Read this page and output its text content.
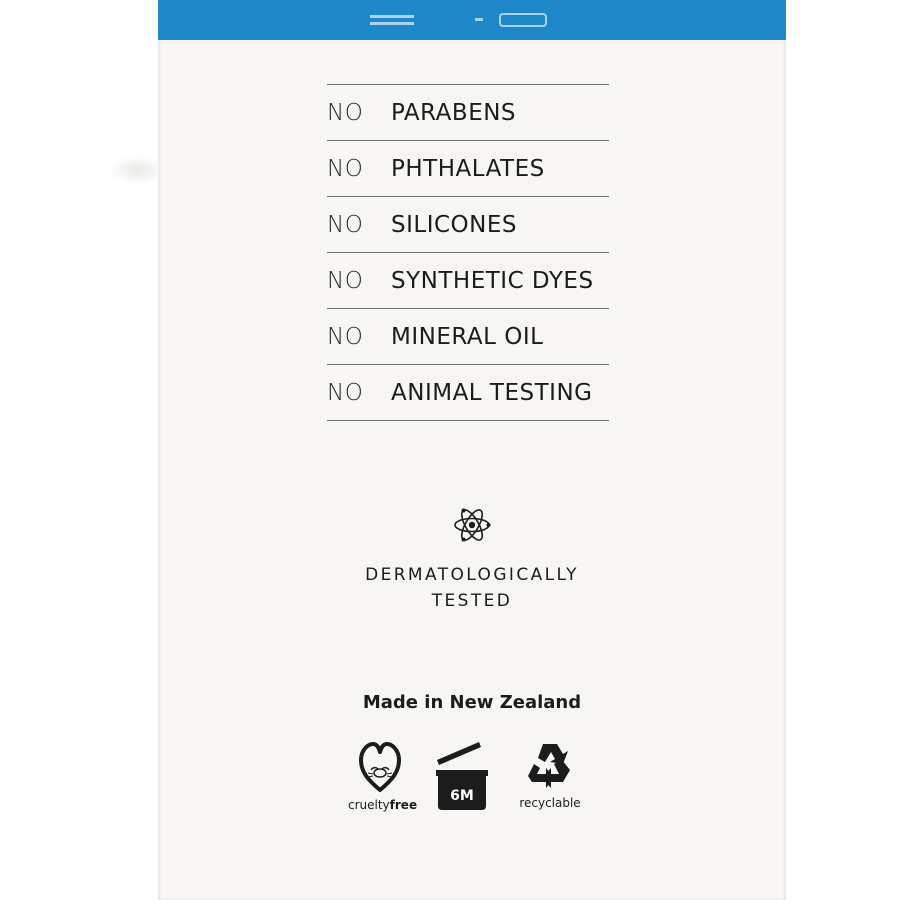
NO	PARABENS
NO	PHTHALATES
NO	SILICONES
NO	SYNTHETIC DYES
NO	MINERAL OIL
NO	ANIMAL TESTING
DERMATOLOGICALLY
TESTED
Made in New Zealand
crueltyfree
6M	recyclable
